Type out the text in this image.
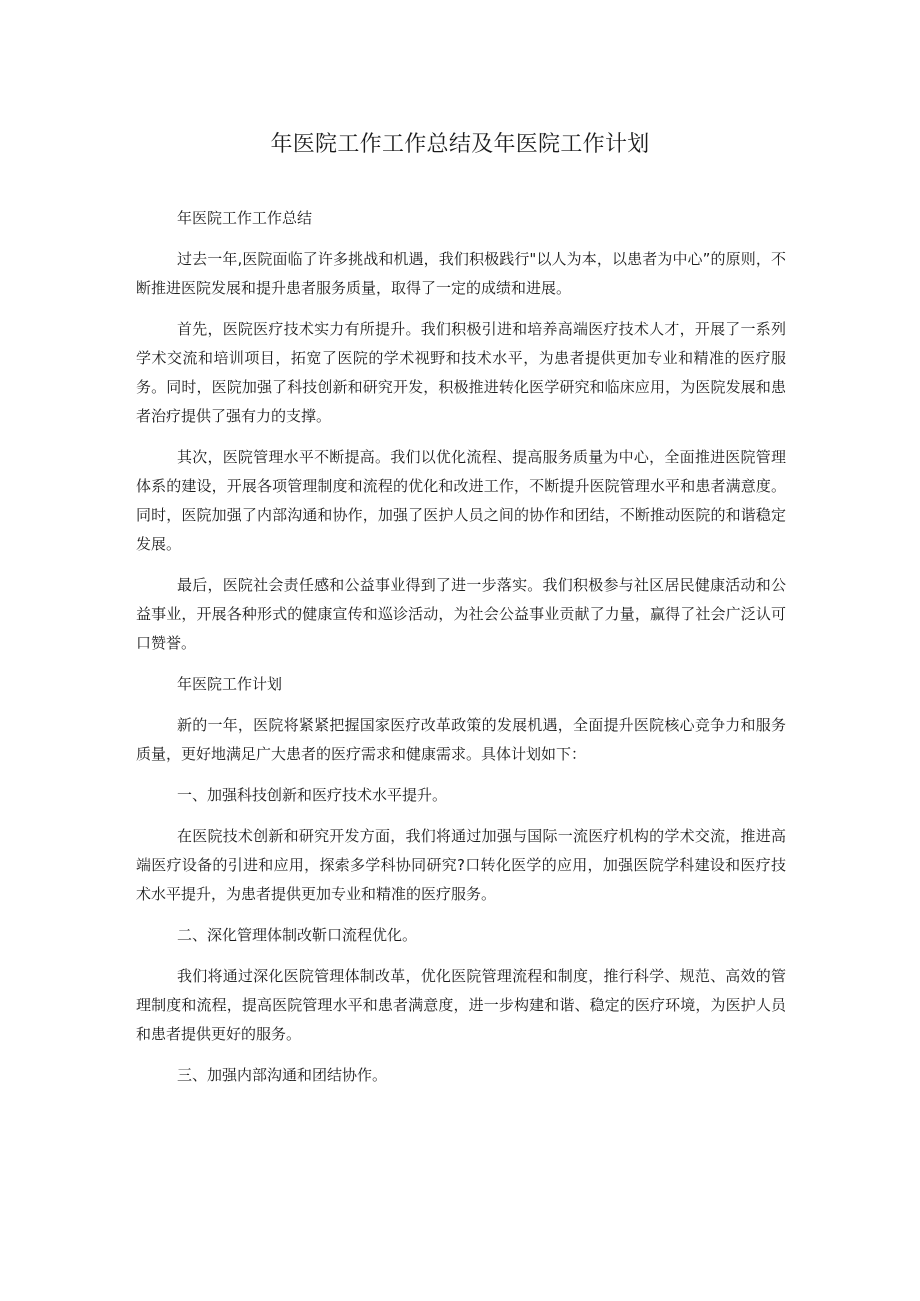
年医院工作工作总结及年医院工作计划

年医院工作工作总结

过去一年,医院面临了许多挑战和机遇，我们积极践行"以人为本，以患者为中心”的原则，不断推进医院发展和提升患者服务质量，取得了一定的成绩和进展。

首先，医院医疗技术实力有所提升。我们积极引进和培养高端医疗技术人才，开展了一系列学术交流和培训项目，拓宽了医院的学术视野和技术水平，为患者提供更加专业和精准的医疗服务。同时，医院加强了科技创新和研究开发，积极推进转化医学研究和临床应用，为医院发展和患者治疗提供了强有力的支撑。

其次，医院管理水平不断提高。我们以优化流程、提高服务质量为中心，全面推进医院管理体系的建设，开展各项管理制度和流程的优化和改进工作，不断提升医院管理水平和患者满意度。同时，医院加强了内部沟通和协作，加强了医护人员之间的协作和团结，不断推动医院的和谐稳定发展。

最后，医院社会责任感和公益事业得到了进一步落实。我们积极参与社区居民健康活动和公益事业，开展各种形式的健康宣传和巡诊活动，为社会公益事业贡献了力量，赢得了社会广泛认可口赞誉。

年医院工作计划

新的一年，医院将紧紧把握国家医疗改革政策的发展机遇，全面提升医院核心竞争力和服务质量，更好地满足广大患者的医疗需求和健康需求。具体计划如下：

一、加强科技创新和医疗技术水平提升。

在医院技术创新和研究开发方面，我们将通过加强与国际一流医疗机构的学术交流，推进高端医疗设备的引进和应用，探索多学科协同研究?口转化医学的应用，加强医院学科建设和医疗技术水平提升，为患者提供更加专业和精准的医疗服务。

二、深化管理体制改靳口流程优化。

我们将通过深化医院管理体制改革，优化医院管理流程和制度，推行科学、规范、高效的管理制度和流程，提高医院管理水平和患者满意度，进一步构建和谐、稳定的医疗环境，为医护人员和患者提供更好的服务。

三、加强内部沟通和团结协作。
